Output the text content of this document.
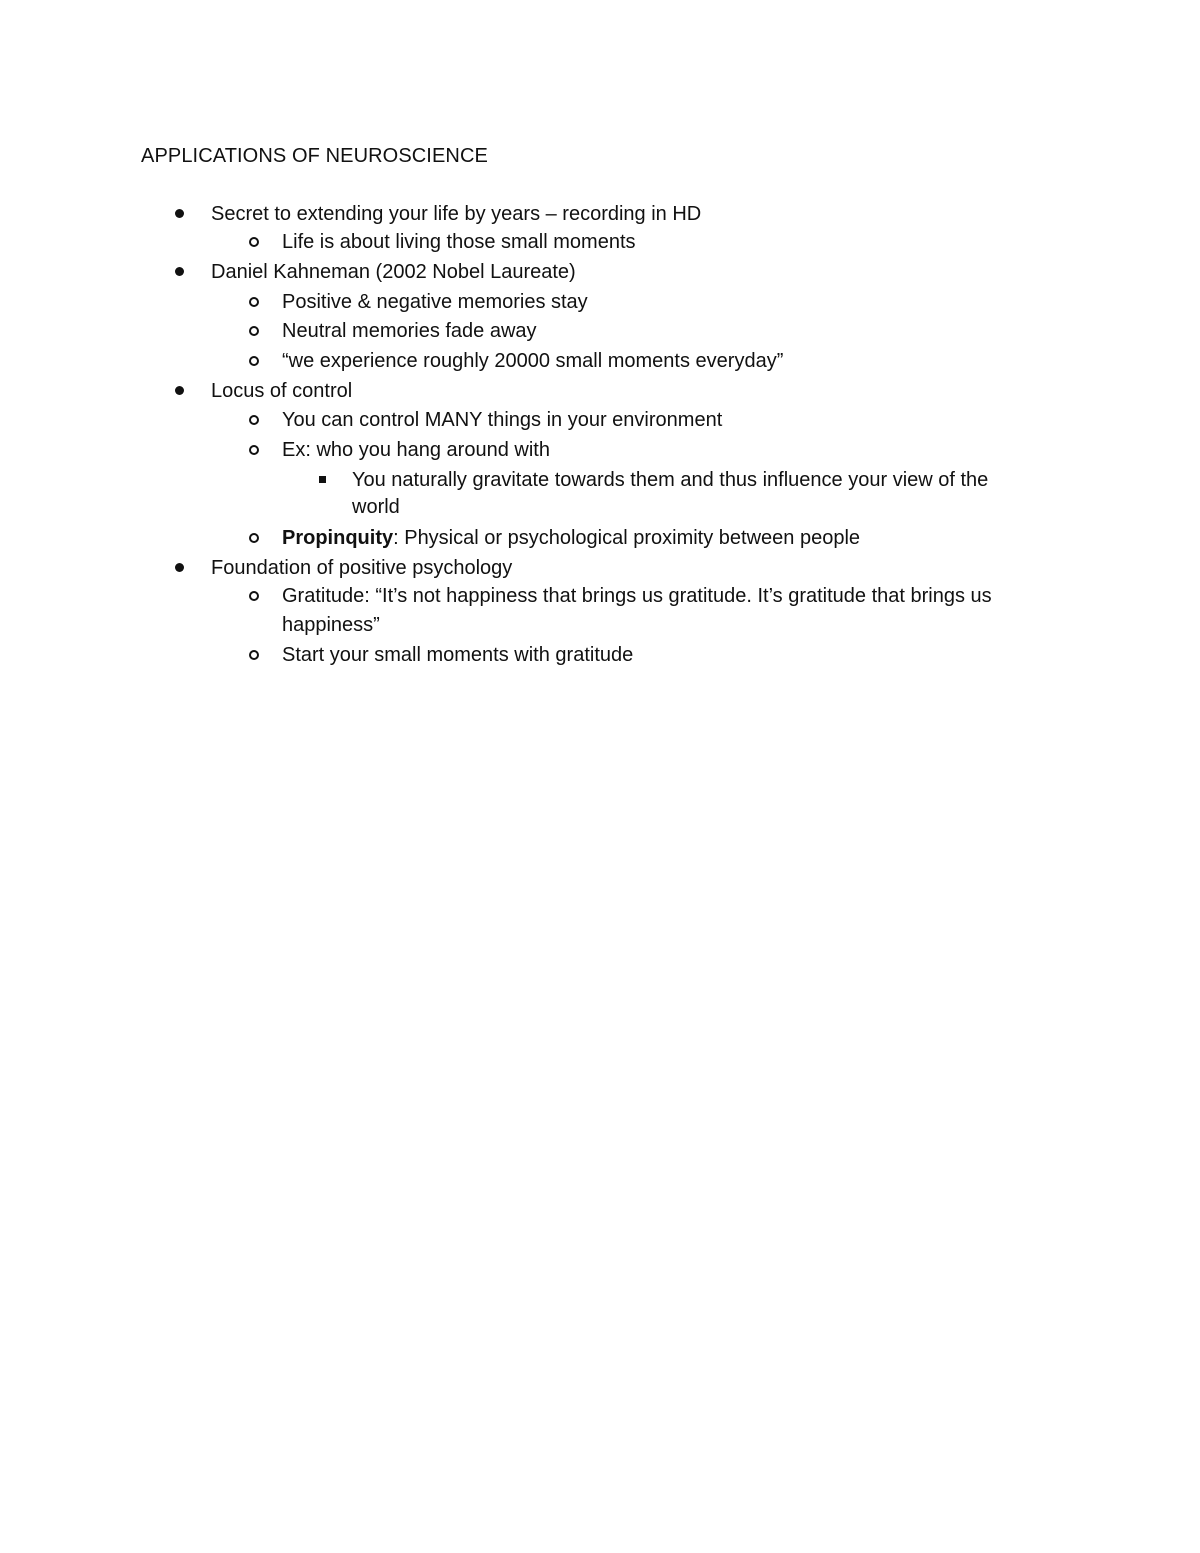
APPLICATIONS OF NEUROSCIENCE
Secret to extending your life by years – recording in HD
Life is about living those small moments
Daniel Kahneman (2002 Nobel Laureate)
Positive & negative memories stay
Neutral memories fade away
“we experience roughly 20000 small moments everyday”
Locus of control
You can control MANY things in your environment
Ex: who you hang around with
You naturally gravitate towards them and thus influence your view of the
world
Propinquity: Physical or psychological proximity between people
Foundation of positive psychology
Gratitude: “It’s not happiness that brings us gratitude. It’s gratitude that brings us
happiness”
Start your small moments with gratitude
